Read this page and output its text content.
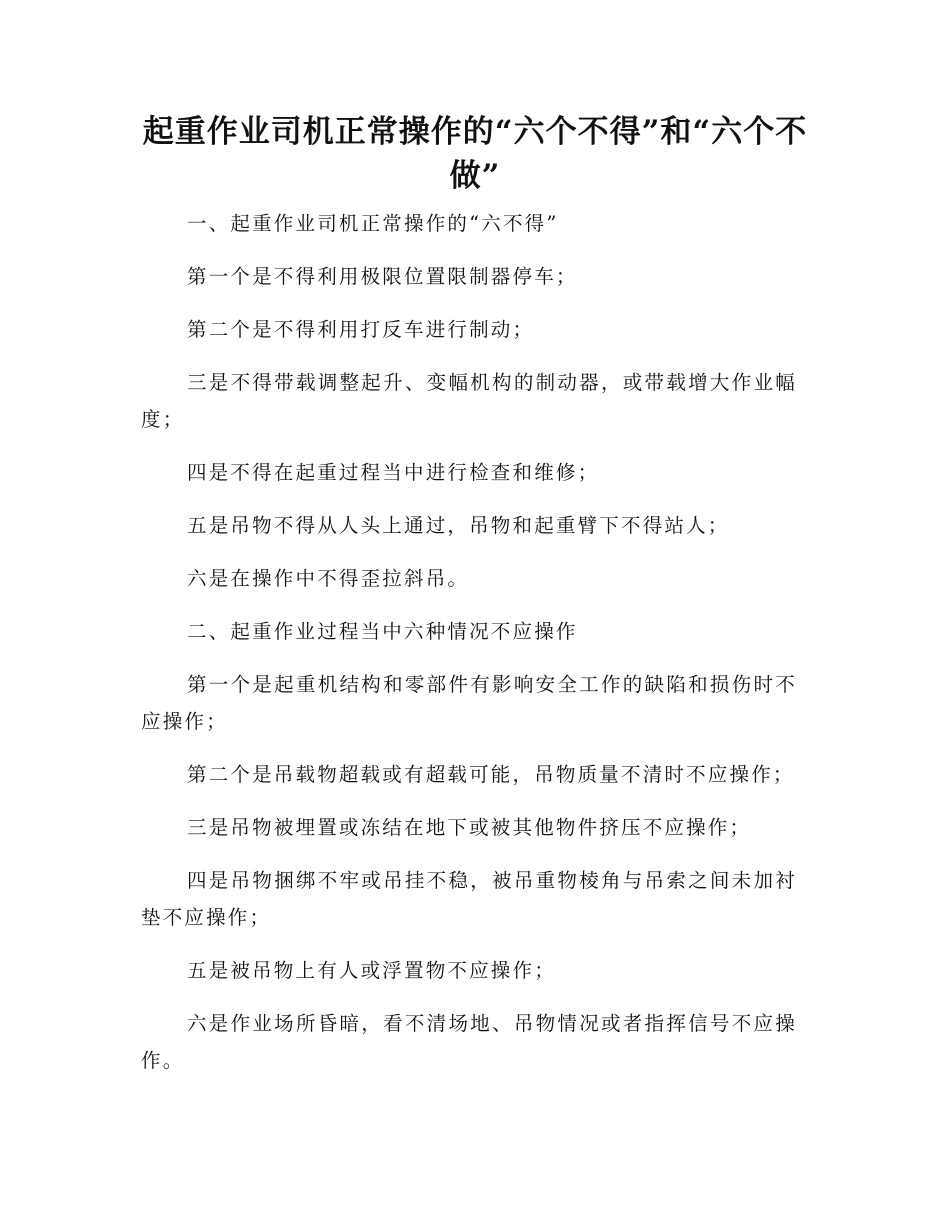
起重作业司机正常操作的“六个不得”和“六个不做”

一、起重作业司机正常操作的“六不得”

第一个是不得利用极限位置限制器停车；

第二个是不得利用打反车进行制动；

三是不得带载调整起升、变幅机构的制动器，或带载增大作业幅度；

四是不得在起重过程当中进行检查和维修；

五是吊物不得从人头上通过，吊物和起重臂下不得站人；

六是在操作中不得歪拉斜吊。

二、起重作业过程当中六种情况不应操作

第一个是起重机结构和零部件有影响安全工作的缺陷和损伤时不应操作；

第二个是吊载物超载或有超载可能，吊物质量不清时不应操作；

三是吊物被埋置或冻结在地下或被其他物件挤压不应操作；

四是吊物捆绑不牢或吊挂不稳，被吊重物棱角与吊索之间未加衬垫不应操作；

五是被吊物上有人或浮置物不应操作；

六是作业场所昏暗，看不清场地、吊物情况或者指挥信号不应操作。
